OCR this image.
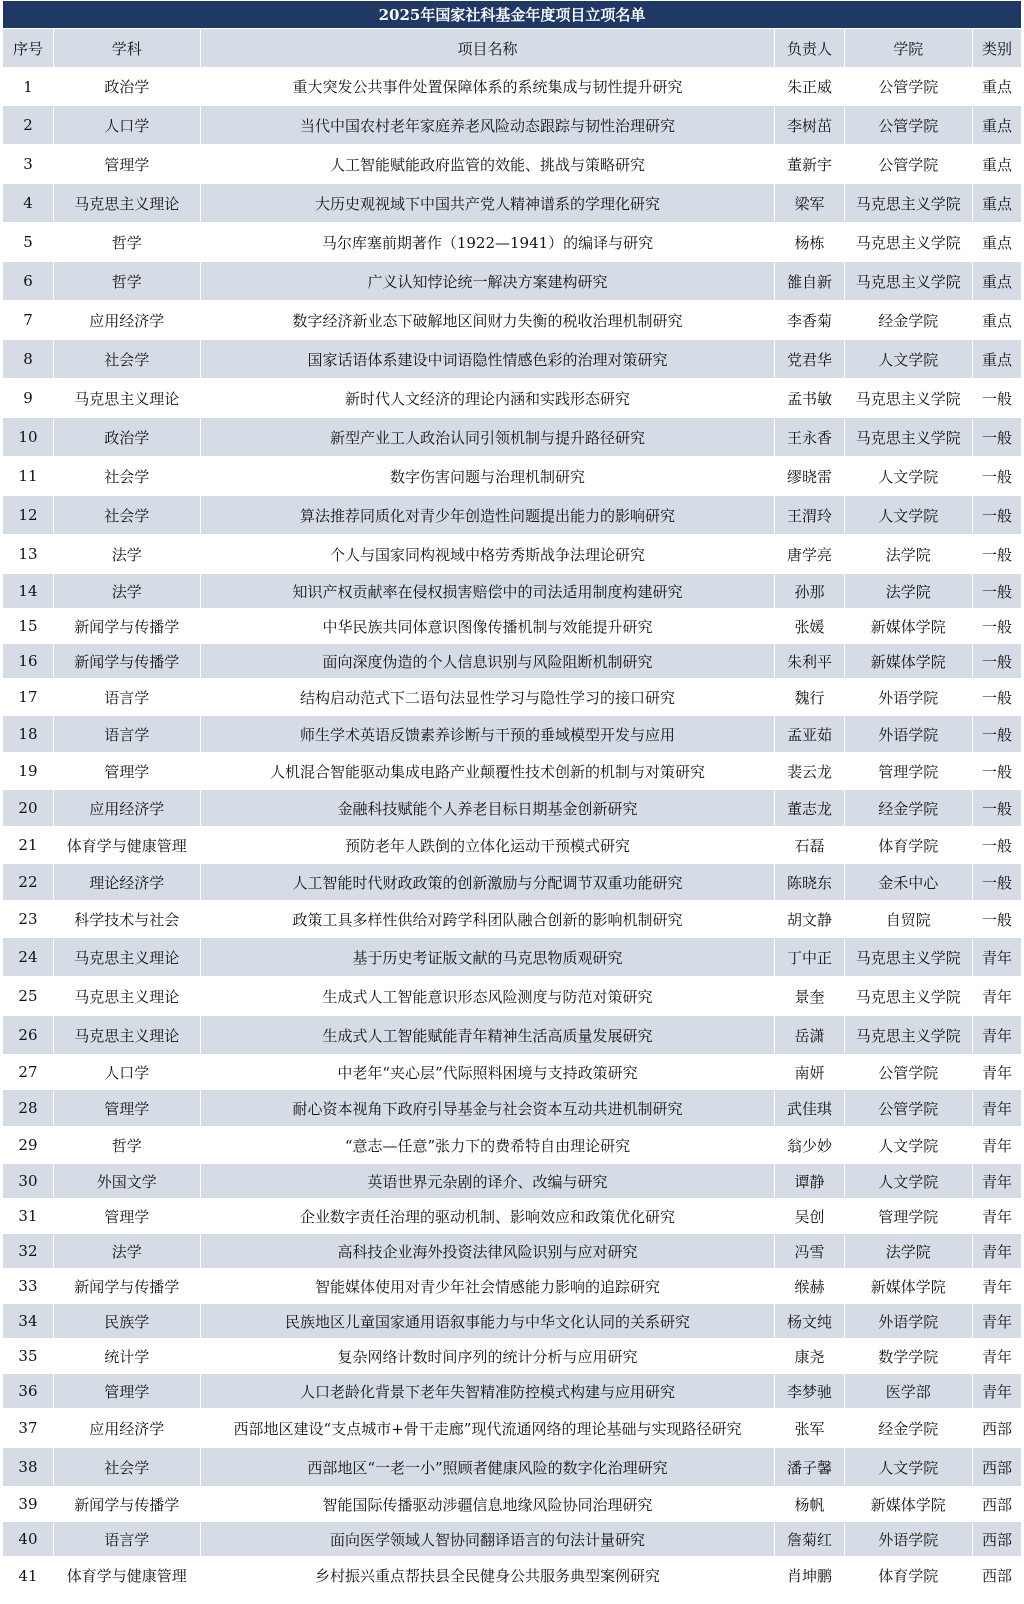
2025年国家社科基金年度项目立项名单					
序号	学科	项目名称	负责人	学院	类别
1	政治学	重大突发公共事件处置保障体系的系统集成与韧性提升研究	朱正威	公管学院	重点
2	人口学	当代中国农村老年家庭养老风险动态跟踪与韧性治理研究	李树茁	公管学院	重点
3	管理学	人工智能赋能政府监管的效能、挑战与策略研究	董新宇	公管学院	重点
4	马克思主义理论	大历史观视域下中国共产党人精神谱系的学理化研究	梁军	马克思主义学院	重点
5	哲学	马尔库塞前期著作（1922—1941）的编译与研究	杨栋	马克思主义学院	重点
6	哲学	广义认知悖论统一解决方案建构研究	雒自新	马克思主义学院	重点
7	应用经济学	数字经济新业态下破解地区间财力失衡的税收治理机制研究	李香菊	经金学院	重点
8	社会学	国家话语体系建设中词语隐性情感色彩的治理对策研究	党君华	人文学院	重点
9	马克思主义理论	新时代人文经济的理论内涵和实践形态研究	孟书敏	马克思主义学院	一般
10	政治学	新型产业工人政治认同引领机制与提升路径研究	王永香	马克思主义学院	一般
11	社会学	数字伤害问题与治理机制研究	缪晓雷	人文学院	一般
12	社会学	算法推荐同质化对青少年创造性问题提出能力的影响研究	王渭玲	人文学院	一般
13	法学	个人与国家同构视域中格劳秀斯战争法理论研究	唐学亮	法学院	一般
14	法学	知识产权贡献率在侵权损害赔偿中的司法适用制度构建研究	孙那	法学院	一般
15	新闻学与传播学	中华民族共同体意识图像传播机制与效能提升研究	张媛	新媒体学院	一般
16	新闻学与传播学	面向深度伪造的个人信息识别与风险阻断机制研究	朱利平	新媒体学院	一般
17	语言学	结构启动范式下二语句法显性学习与隐性学习的接口研究	魏行	外语学院	一般
18	语言学	师生学术英语反馈素养诊断与干预的垂域模型开发与应用	孟亚茹	外语学院	一般
19	管理学	人机混合智能驱动集成电路产业颠覆性技术创新的机制与对策研究	裴云龙	管理学院	一般
20	应用经济学	金融科技赋能个人养老目标日期基金创新研究	董志龙	经金学院	一般
21	体育学与健康管理	预防老年人跌倒的立体化运动干预模式研究	石磊	体育学院	一般
22	理论经济学	人工智能时代财政政策的创新激励与分配调节双重功能研究	陈晓东	金禾中心	一般
23	科学技术与社会	政策工具多样性供给对跨学科团队融合创新的影响机制研究	胡文静	自贸院	一般
24	马克思主义理论	基于历史考证版文献的马克思物质观研究	丁中正	马克思主义学院	青年
25	马克思主义理论	生成式人工智能意识形态风险测度与防范对策研究	景奎	马克思主义学院	青年
26	马克思主义理论	生成式人工智能赋能青年精神生活高质量发展研究	岳潇	马克思主义学院	青年
27	人口学	中老年“夹心层”代际照料困境与支持政策研究	南妍	公管学院	青年
28	管理学	耐心资本视角下政府引导基金与社会资本互动共进机制研究	武佳琪	公管学院	青年
29	哲学	“意志—任意”张力下的费希特自由理论研究	翁少妙	人文学院	青年
30	外国文学	英语世界元杂剧的译介、改编与研究	谭静	人文学院	青年
31	管理学	企业数字责任治理的驱动机制、影响效应和政策优化研究	吴创	管理学院	青年
32	法学	高科技企业海外投资法律风险识别与应对研究	冯雪	法学院	青年
33	新闻学与传播学	智能媒体使用对青少年社会情感能力影响的追踪研究	缑赫	新媒体学院	青年
34	民族学	民族地区儿童国家通用语叙事能力与中华文化认同的关系研究	杨文纯	外语学院	青年
35	统计学	复杂网络计数时间序列的统计分析与应用研究	康尧	数学学院	青年
36	管理学	人口老龄化背景下老年失智精准防控模式构建与应用研究	李梦驰	医学部	青年
37	应用经济学	西部地区建设“支点城市+骨干走廊”现代流通网络的理论基础与实现路径研究	张军	经金学院	西部
38	社会学	西部地区“一老一小”照顾者健康风险的数字化治理研究	潘子馨	人文学院	西部
39	新闻学与传播学	智能国际传播驱动涉疆信息地缘风险协同治理研究	杨帆	新媒体学院	西部
40	语言学	面向医学领域人智协同翻译语言的句法计量研究	詹菊红	外语学院	西部
41	体育学与健康管理	乡村振兴重点帮扶县全民健身公共服务典型案例研究	肖坤鹏	体育学院	西部
